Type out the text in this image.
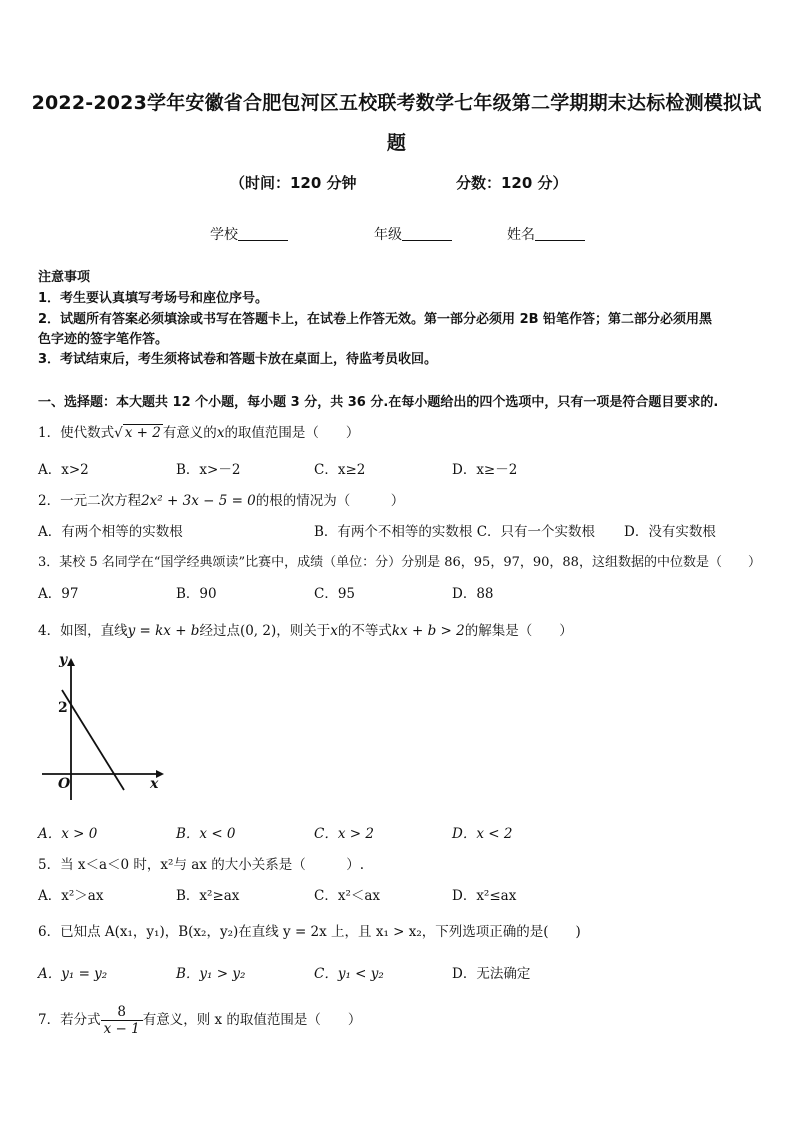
2022-2023学年安徽省合肥包河区五校联考数学七年级第二学期期末达标检测模拟试
题
（时间：120 分钟	分数：120 分）
学校	年级	姓名
注意事项
1．考生要认真填写考场号和座位序号。
2．试题所有答案必须填涂或书写在答题卡上，在试卷上作答无效。第一部分必须用 2B 铅笔作答；第二部分必须用黑
色字迹的签字笔作答。
3．考试结束后，考生须将试卷和答题卡放在桌面上，待监考员收回。
一、选择题：本大题共 12 个小题，每小题 3 分，共 36 分.在每小题给出的四个选项中，只有一项是符合题目要求的.
1．使代数式√ x + 2 有意义的x的取值范围是（　　）
A．x>2	B．x>－2	C．x≥2	D．x≥－2
2．一元二次方程2x² + 3x − 5 = 0的根的情况为（　　　）
A．有两个相等的实数根	B．有两个不相等的实数根 C．只有一个实数根 D．没有实数根
3．某校 5 名同学在“国学经典颂读”比赛中，成绩（单位：分）分别是 86，95，97，90，88，这组数据的中位数是（　　）
A．97	B．90	C．95	D．88
4．如图，直线y = kx + b经过点(0, 2)，则关于x的不等式kx + b > 2的解集是（　　）
y
x
O
2
A．x > 0	B．x < 0	C．x > 2	D．x < 2
5．当 x＜a＜0 时，x²与 ax 的大小关系是（　　　）.
A．x²＞ax	B．x²≥ax	C．x²＜ax	D．x²≤ax
6．已知点 A(x₁，y₁)，B(x₂，y₂)在直线 y = 2x 上，且 x₁ > x₂，下列选项正确的是(　　)
A．y₁ = y₂	B．y₁ > y₂	C．y₁ < y₂	D．无法确定
7．若分式 $\frac{8}{x - 1}$ 有意义，则 x 的取值范围是（　　）
